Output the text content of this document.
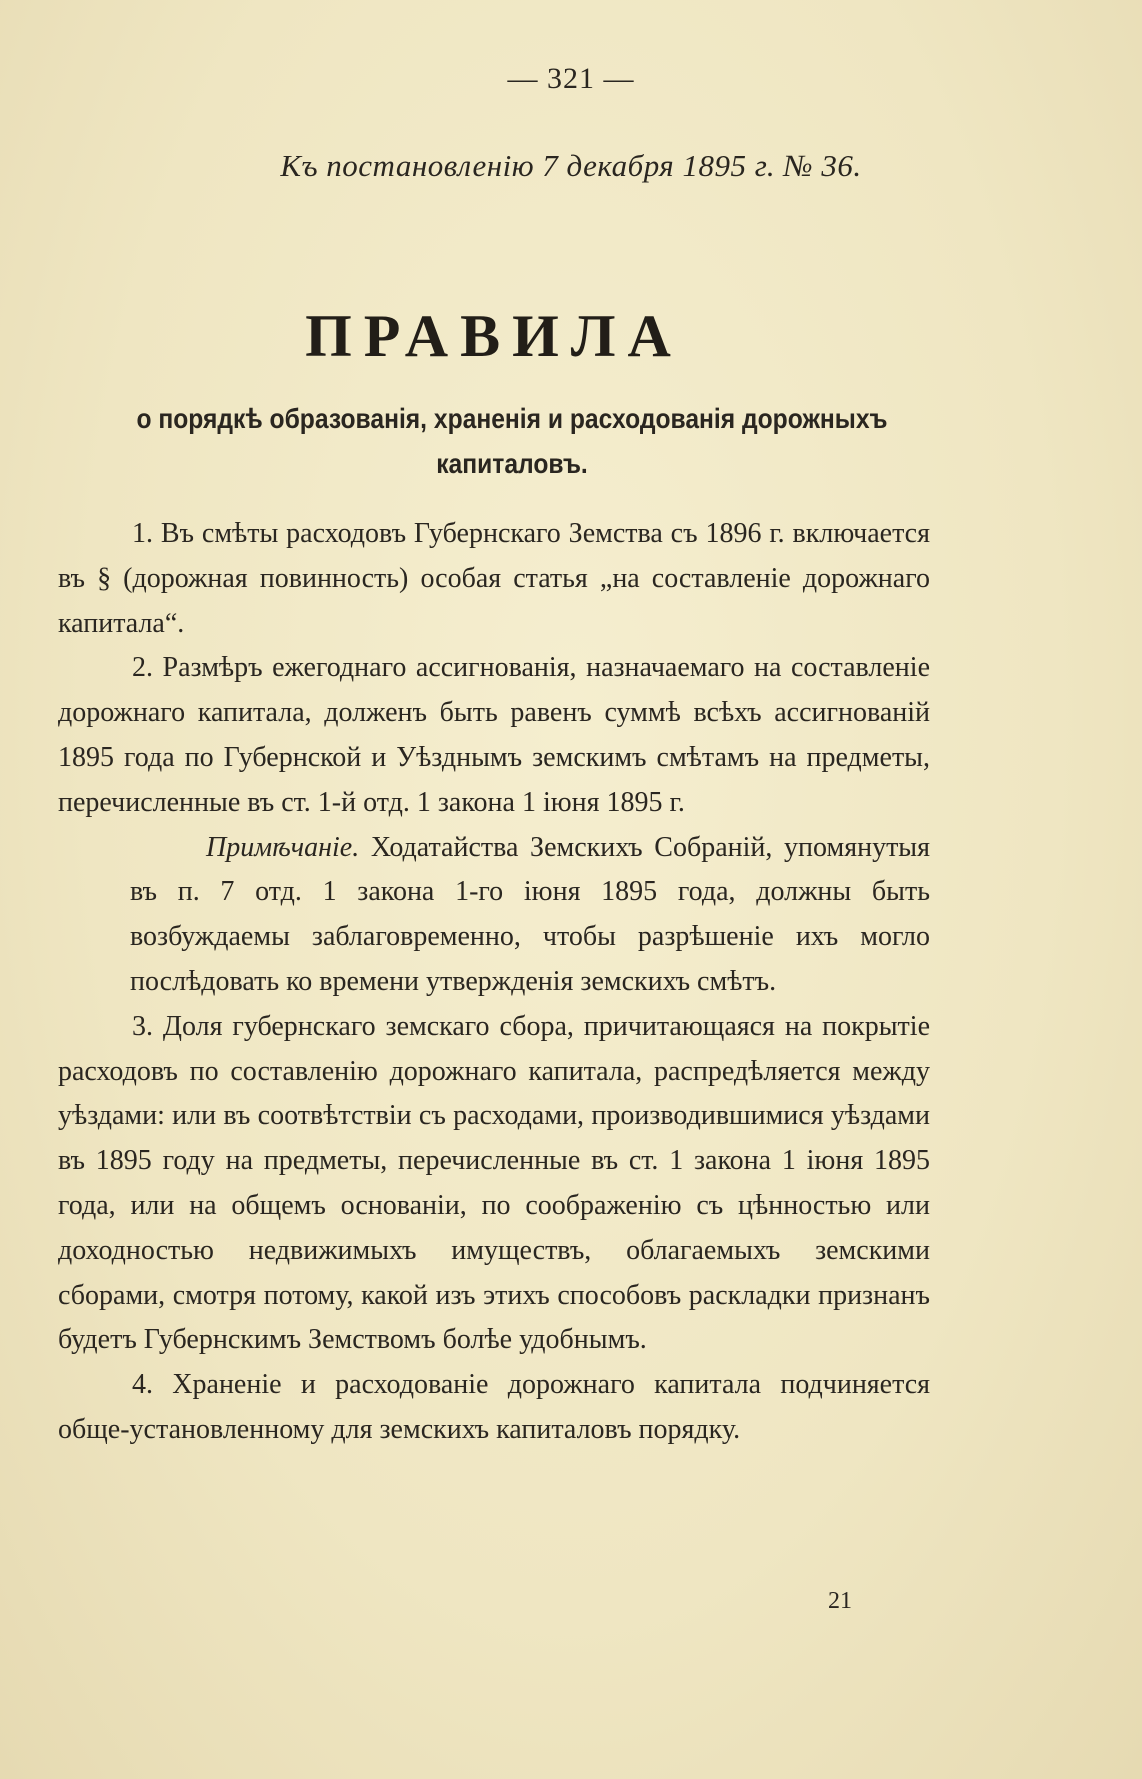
— 321 —
Къ постановленію 7 декабря 1895 г. № 36.
ПРАВИЛА
о порядкѣ образованія, храненія и расходованія дорожныхъ капиталовъ.

1. Въ смѣты расходовъ Губернскаго Земства съ 1896 г. включается въ § (дорожная повинность) особая статья „на составленіе дорожнаго капитала“.

2. Размѣръ ежегоднаго ассигнованія, назначаемаго на составленіе дорожнаго капитала, долженъ быть равенъ суммѣ всѣхъ ассигнованій 1895 года по Губернской и Уѣзднымъ земскимъ смѣтамъ на предметы, перечисленные въ ст. 1-й отд. 1 закона 1 іюня 1895 г.

Примѣчаніе. Ходатайства Земскихъ Собраній, упомянутыя въ п. 7 отд. 1 закона 1-го іюня 1895 года, должны быть возбуждаемы заблаговременно, чтобы разрѣшеніе ихъ могло послѣдовать ко времени утвержденія земскихъ смѣтъ.

3. Доля губернскаго земскаго сбора, причитающаяся на покрытіе расходовъ по составленію дорожнаго капитала, распредѣляется между уѣздами: или въ соотвѣтствіи съ расходами, производившимися уѣздами въ 1895 году на предметы, перечисленные въ ст. 1 закона 1 іюня 1895 года, или на общемъ основаніи, по соображенію съ цѣнностью или доходностью недвижимыхъ имуществъ, облагаемыхъ земскими сборами, смотря потому, какой изъ этихъ способовъ раскладки признанъ будетъ Губернскимъ Земствомъ болѣе удобнымъ.

4. Храненіе и расходованіе дорожнаго капитала подчиняется обще-установленному для земскихъ капиталовъ порядку.

21
